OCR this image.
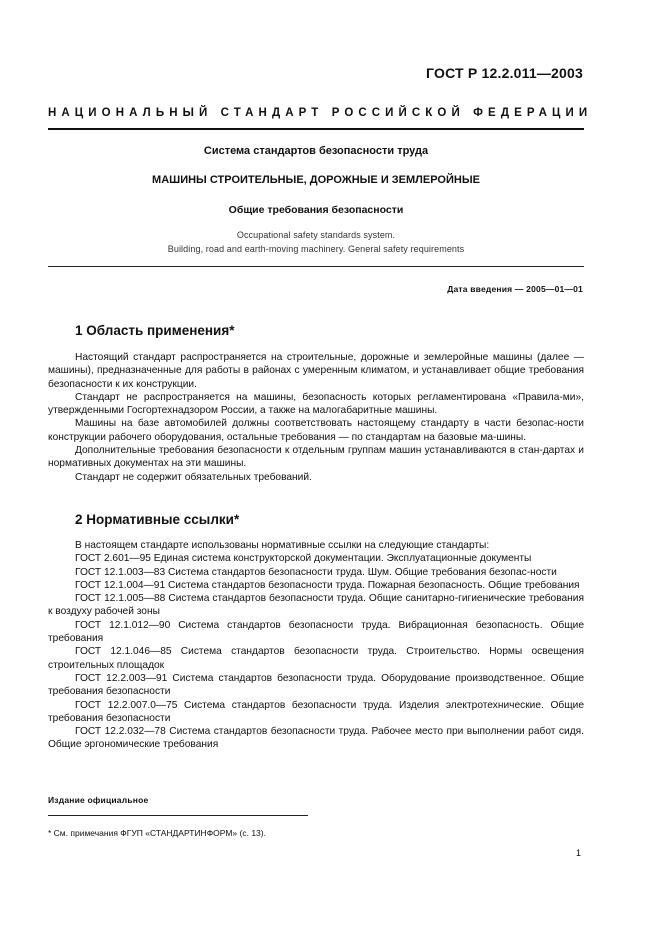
ГОСТ Р 12.2.011—2003
НАЦИОНАЛЬНЫЙ СТАНДАРТ РОССИЙСКОЙ ФЕДЕРАЦИИ
Система стандартов безопасности труда
МАШИНЫ СТРОИТЕЛЬНЫЕ, ДОРОЖНЫЕ И ЗЕМЛЕРОЙНЫЕ
Общие требования безопасности
Occupational safety standards system.
Building, road and earth-moving machinery. General safety requirements
Дата введения — 2005—01—01
1 Область применения*

Настоящий стандарт распространяется на строительные, дорожные и землеройные машины (далее — машины), предназначенные для работы в районах с умеренным климатом, и устанавливает общие требования безопасности к их конструкции.

Стандарт не распространяется на машины, безопасность которых регламентирована «Правила-ми», утвержденными Госгортехнадзором России, а также на малогабаритные машины.

Машины на базе автомобилей должны соответствовать настоящему стандарту в части безопас-ности конструкции рабочего оборудования, остальные требования — по стандартам на базовые ма-шины.

Дополнительные требования безопасности к отдельным группам машин устанавливаются в стан-дартах и нормативных документах на эти машины.

Стандарт не содержит обязательных требований.

2 Нормативные ссылки*

В настоящем стандарте использованы нормативные ссылки на следующие стандарты:

ГОСТ 2.601—95 Единая система конструкторской документации. Эксплуатационные документы
ГОСТ 12.1.003—83 Система стандартов безопасности труда. Шум. Общие требования безопас-ности
ГОСТ 12.1.004—91 Система стандартов безопасности труда. Пожарная безопасность. Общие требования
ГОСТ 12.1.005—88 Система стандартов безопасности труда. Общие санитарно-гигиенические требования к воздуху рабочей зоны
ГОСТ 12.1.012—90 Система стандартов безопасности труда. Вибрационная безопасность. Общие требования
ГОСТ 12.1.046—85 Система стандартов безопасности труда. Строительство. Нормы освещения строительных площадок
ГОСТ 12.2.003—91 Система стандартов безопасности труда. Оборудование производственное. Общие требования безопасности
ГОСТ 12.2.007.0—75 Система стандартов безопасности труда. Изделия электротехнические. Общие требования безопасности
ГОСТ 12.2.032—78 Система стандартов безопасности труда. Рабочее место при выполнении работ сидя. Общие эргономические требования
Издание официальное
* См. примечания ФГУП «СТАНДАРТИНФОРМ» (с. 13).
1
